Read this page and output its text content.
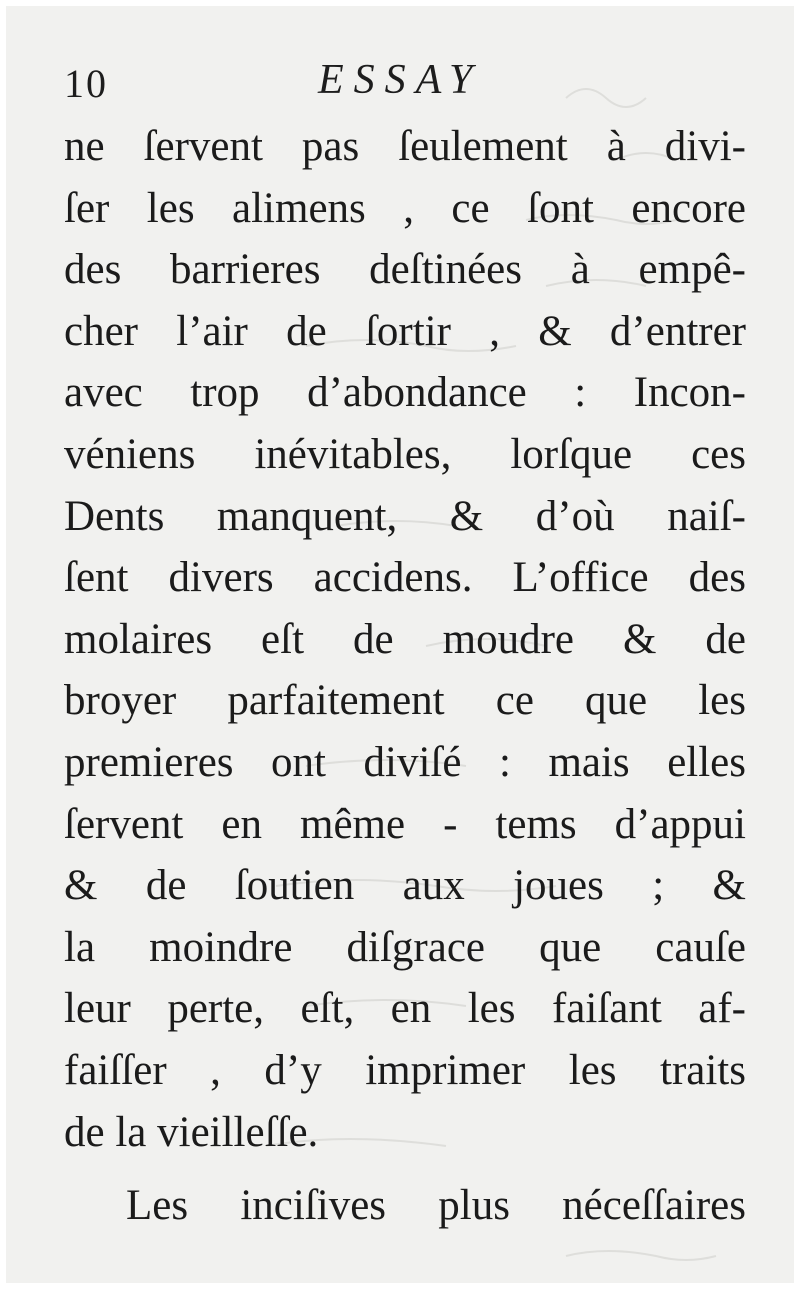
10	ESSAY
ne ſervent pas ſeulement à divi-
ſer les alimens , ce ſont encore
des barrieres deſtinées à empê-
cher l’air de ſortir , & d’entrer
avec trop d’abondance : Incon-
véniens inévitables, lorſque ces
Dents manquent, & d’où naiſ-
ſent divers accidens. L’office des
molaires eſt de moudre & de
broyer parfaitement ce que les
premieres ont diviſé : mais elles
ſervent en même - tems d’appui
& de ſoutien aux joues ; &
la moindre diſgrace que cauſe
leur perte, eſt, en les faiſant af-
faiſſer , d’y imprimer les traits
de la vieilleſſe.
Les inciſives plus néceſſaires
